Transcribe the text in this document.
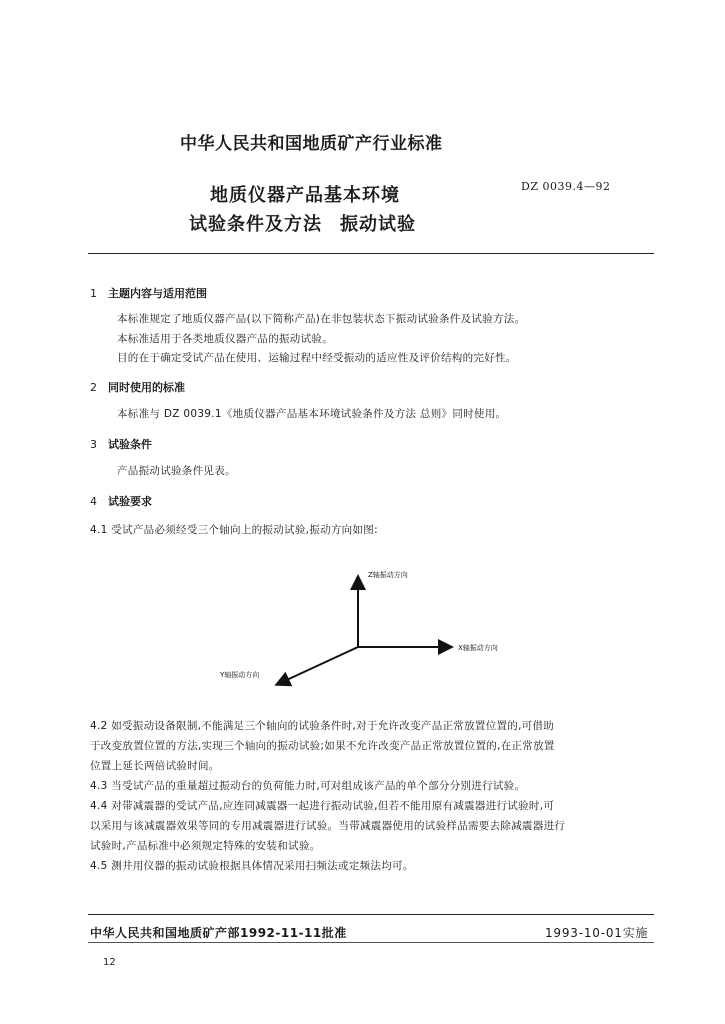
中华人民共和国地质矿产行业标准
地质仪器产品基本环境
试验条件及方法 振动试验
DZ 0039.4—92
1 主题内容与适用范围
本标准规定了地质仪器产品(以下简称产品)在非包装状态下振动试验条件及试验方法。
本标准适用于各类地质仪器产品的振动试验。
目的在于确定受试产品在使用、运输过程中经受振动的适应性及评价结构的完好性。
2 同时使用的标准
本标准与 DZ 0039.1《地质仪器产品基本环境试验条件及方法 总则》同时使用。
3 试验条件
产品振动试验条件见表。
4 试验要求
4.1 受试产品必须经受三个轴向上的振动试验,振动方向如图:
Z轴振动方向
X轴振动方向
Y轴振动方向
4.2 如受振动设备限制,不能满足三个轴向的试验条件时,对于允许改变产品正常放置位置的,可借助
于改变放置位置的方法,实现三个轴向的振动试验;如果不允许改变产品正常放置位置的,在正常放置
位置上延长两倍试验时间。
4.3 当受试产品的重量超过振动台的负荷能力时,可对组成该产品的单个部分分别进行试验。
4.4 对带减震器的受试产品,应连同减震器一起进行振动试验,但若不能用原有减震器进行试验时,可
以采用与该减震器效果等同的专用减震器进行试验。当带减震器使用的试验样品需要去除减震器进行
试验时,产品标准中必须规定特殊的安装和试验。
4.5 测井用仪器的振动试验根据具体情况采用扫频法或定频法均可。
中华人民共和国地质矿产部1992-11-11批准	1993-10-01实施
12
